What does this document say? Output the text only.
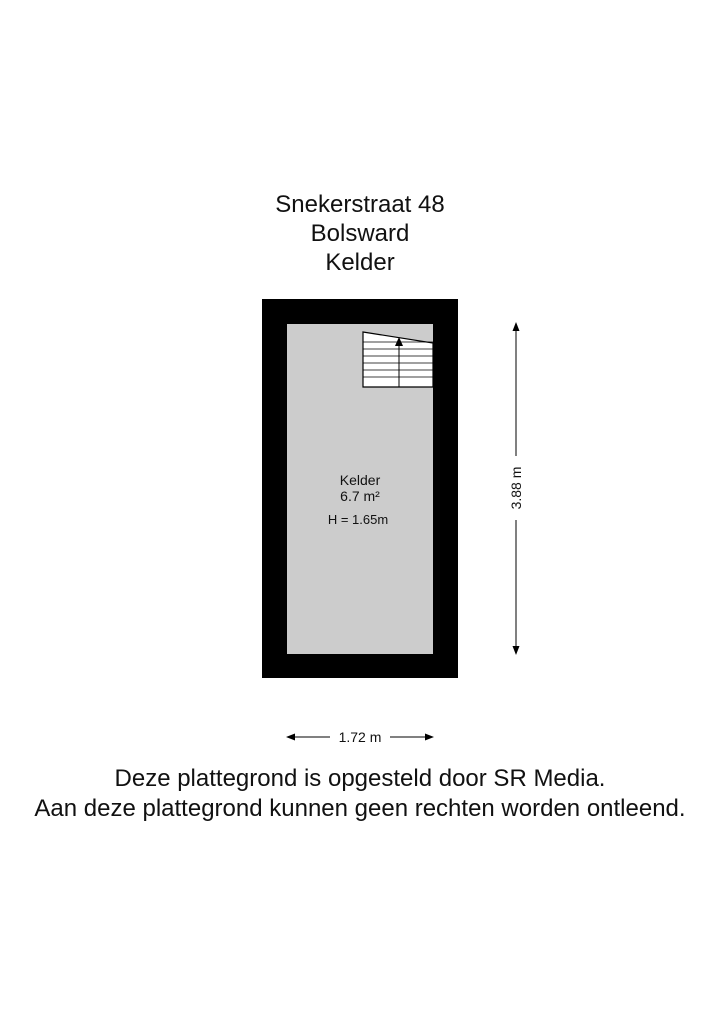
Snekerstraat 48
Bolsward
Kelder
Kelder
6.7 m²
H = 1.65m
3.88 m
1.72 m
Deze plattegrond is opgesteld door SR Media.
Aan deze plattegrond kunnen geen rechten worden ontleend.
